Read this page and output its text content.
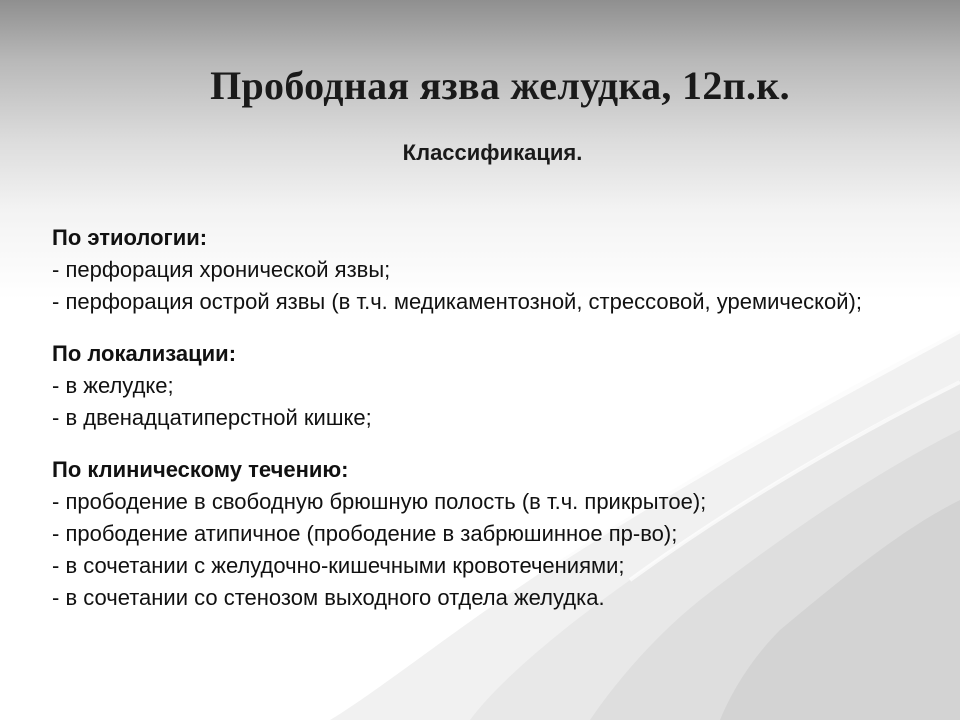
Прободная язва желудка, 12п.к.
Классификация.
По этиологии:
- перфорация хронической язвы;
- перфорация острой язвы (в т.ч. медикаментозной, стрессовой, уремической);
По локализации:
- в желудке;
- в двенадцатиперстной кишке;
По клиническому течению:
- прободение в свободную брюшную полость (в т.ч. прикрытое);
- прободение атипичное (прободение в забрюшинное пр-во);
- в сочетании с желудочно-кишечными кровотечениями;
- в сочетании со стенозом выходного отдела желудка.
